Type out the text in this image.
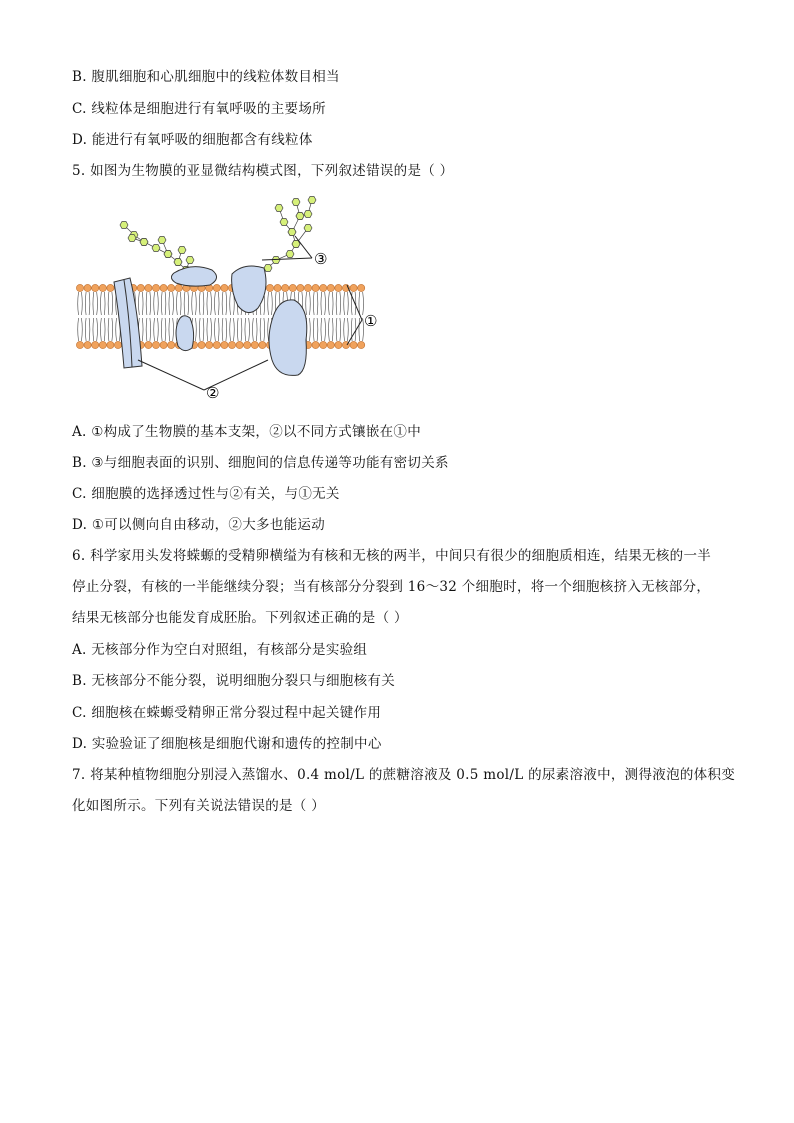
B. 腹肌细胞和心肌细胞中的线粒体数目相当
C. 线粒体是细胞进行有氧呼吸的主要场所
D. 能进行有氧呼吸的细胞都含有线粒体
5. 如图为生物膜的亚显微结构模式图，下列叙述错误的是（ ）
①
②
③
A. ①构成了生物膜的基本支架，②以不同方式镶嵌在①中
B. ③与细胞表面的识别、细胞间的信息传递等功能有密切关系
C. 细胞膜的选择透过性与②有关，与①无关
D. ①可以侧向自由移动，②大多也能运动
6. 科学家用头发将蝾螈的受精卵横缢为有核和无核的两半，中间只有很少的细胞质相连，结果无核的一半
停止分裂，有核的一半能继续分裂；当有核部分分裂到 16～32 个细胞时，将一个细胞核挤入无核部分，
结果无核部分也能发育成胚胎。下列叙述正确的是（ ）
A. 无核部分作为空白对照组，有核部分是实验组
B. 无核部分不能分裂，说明细胞分裂只与细胞核有关
C. 细胞核在蝾螈受精卵正常分裂过程中起关键作用
D. 实验验证了细胞核是细胞代谢和遗传的控制中心
7. 将某种植物细胞分别浸入蒸馏水、0.4 mol/L 的蔗糖溶液及 0.5 mol/L 的尿素溶液中，测得液泡的体积变
化如图所示。下列有关说法错误的是（ ）
